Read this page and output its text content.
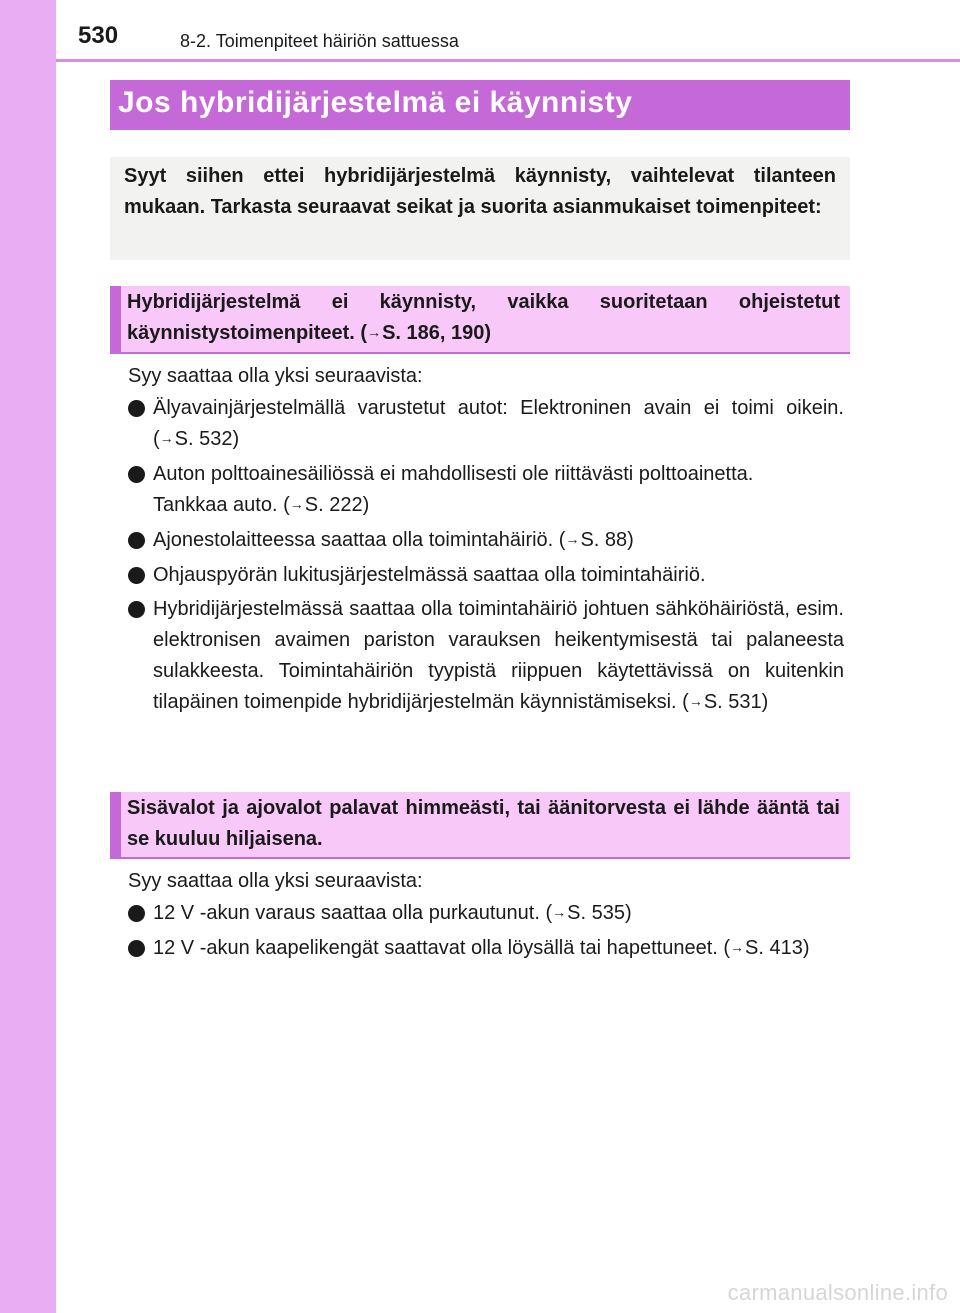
530	8-2. Toimenpiteet häiriön sattuessa
Jos hybridijärjestelmä ei käynnisty
Syyt siihen ettei hybridijärjestelmä käynnisty, vaihtelevat tilanteen mukaan. Tarkasta seuraavat seikat ja suorita asianmukaiset toimenpiteet:
Hybridijärjestelmä ei käynnisty, vaikka suoritetaan ohjeistetut käynnistystoimenpiteet. (→S. 186, 190)
Syy saattaa olla yksi seuraavista:
Älyavainjärjestelmällä varustetut autot: Elektroninen avain ei toimi oikein. (→S. 532)
Auton polttoainesäiliössä ei mahdollisesti ole riittävästi polttoainetta.
Tankkaa auto. (→S. 222)
Ajonestolaitteessa saattaa olla toimintahäiriö. (→S. 88)
Ohjauspyörän lukitusjärjestelmässä saattaa olla toimintahäiriö.
Hybridijärjestelmässä saattaa olla toimintahäiriö johtuen sähköhäiriöstä, esim. elektronisen avaimen pariston varauksen heikentymisestä tai palaneesta sulakkeesta. Toimintahäiriön tyypistä riippuen käytettävissä on kuitenkin tilapäinen toimenpide hybridijärjestelmän käynnistämiseksi. (→S. 531)
Sisävalot ja ajovalot palavat himmeästi, tai äänitorvesta ei lähde ääntä tai se kuuluu hiljaisena.
Syy saattaa olla yksi seuraavista:
12 V -akun varaus saattaa olla purkautunut. (→S. 535)
12 V -akun kaapelikengät saattavat olla löysällä tai hapettuneet. (→S. 413)
carmanualsonline.info
